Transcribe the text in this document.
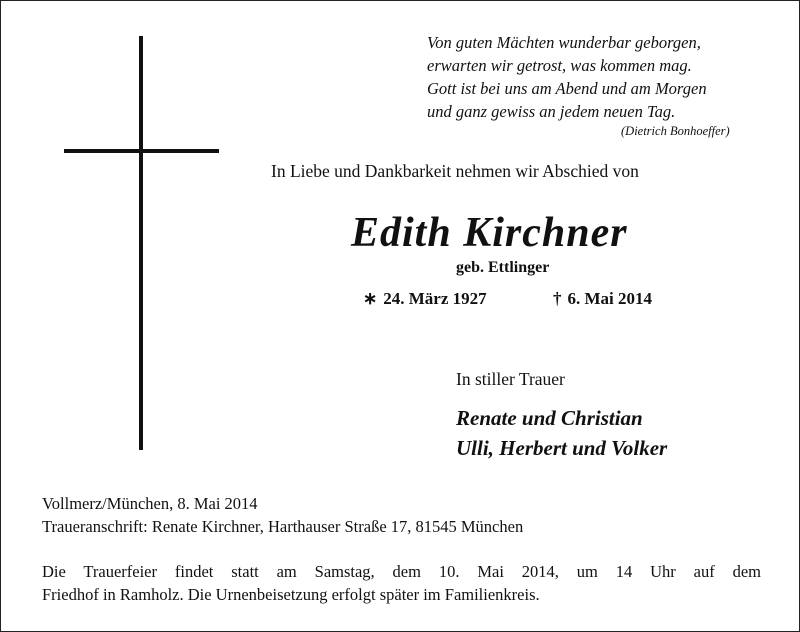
Von guten Mächten wunderbar geborgen,
erwarten wir getrost, was kommen mag.
Gott ist bei uns am Abend und am Morgen
und ganz gewiss an jedem neuen Tag.
(Dietrich Bonhoeffer)
In Liebe und Dankbarkeit nehmen wir Abschied von
Edith Kirchner
geb. Ettlinger
∗ 24. März 1927	† 6. Mai 2014
In stiller Trauer
Renate und Christian
Ulli, Herbert und Volker
Vollmerz/München, 8. Mai 2014
Traueranschrift: Renate Kirchner, Harthauser Straße 17, 81545 München
Die Trauerfeier findet statt am Samstag, dem 10. Mai 2014, um 14 Uhr auf dem
Friedhof in Ramholz. Die Urnenbeisetzung erfolgt später im Familienkreis.
